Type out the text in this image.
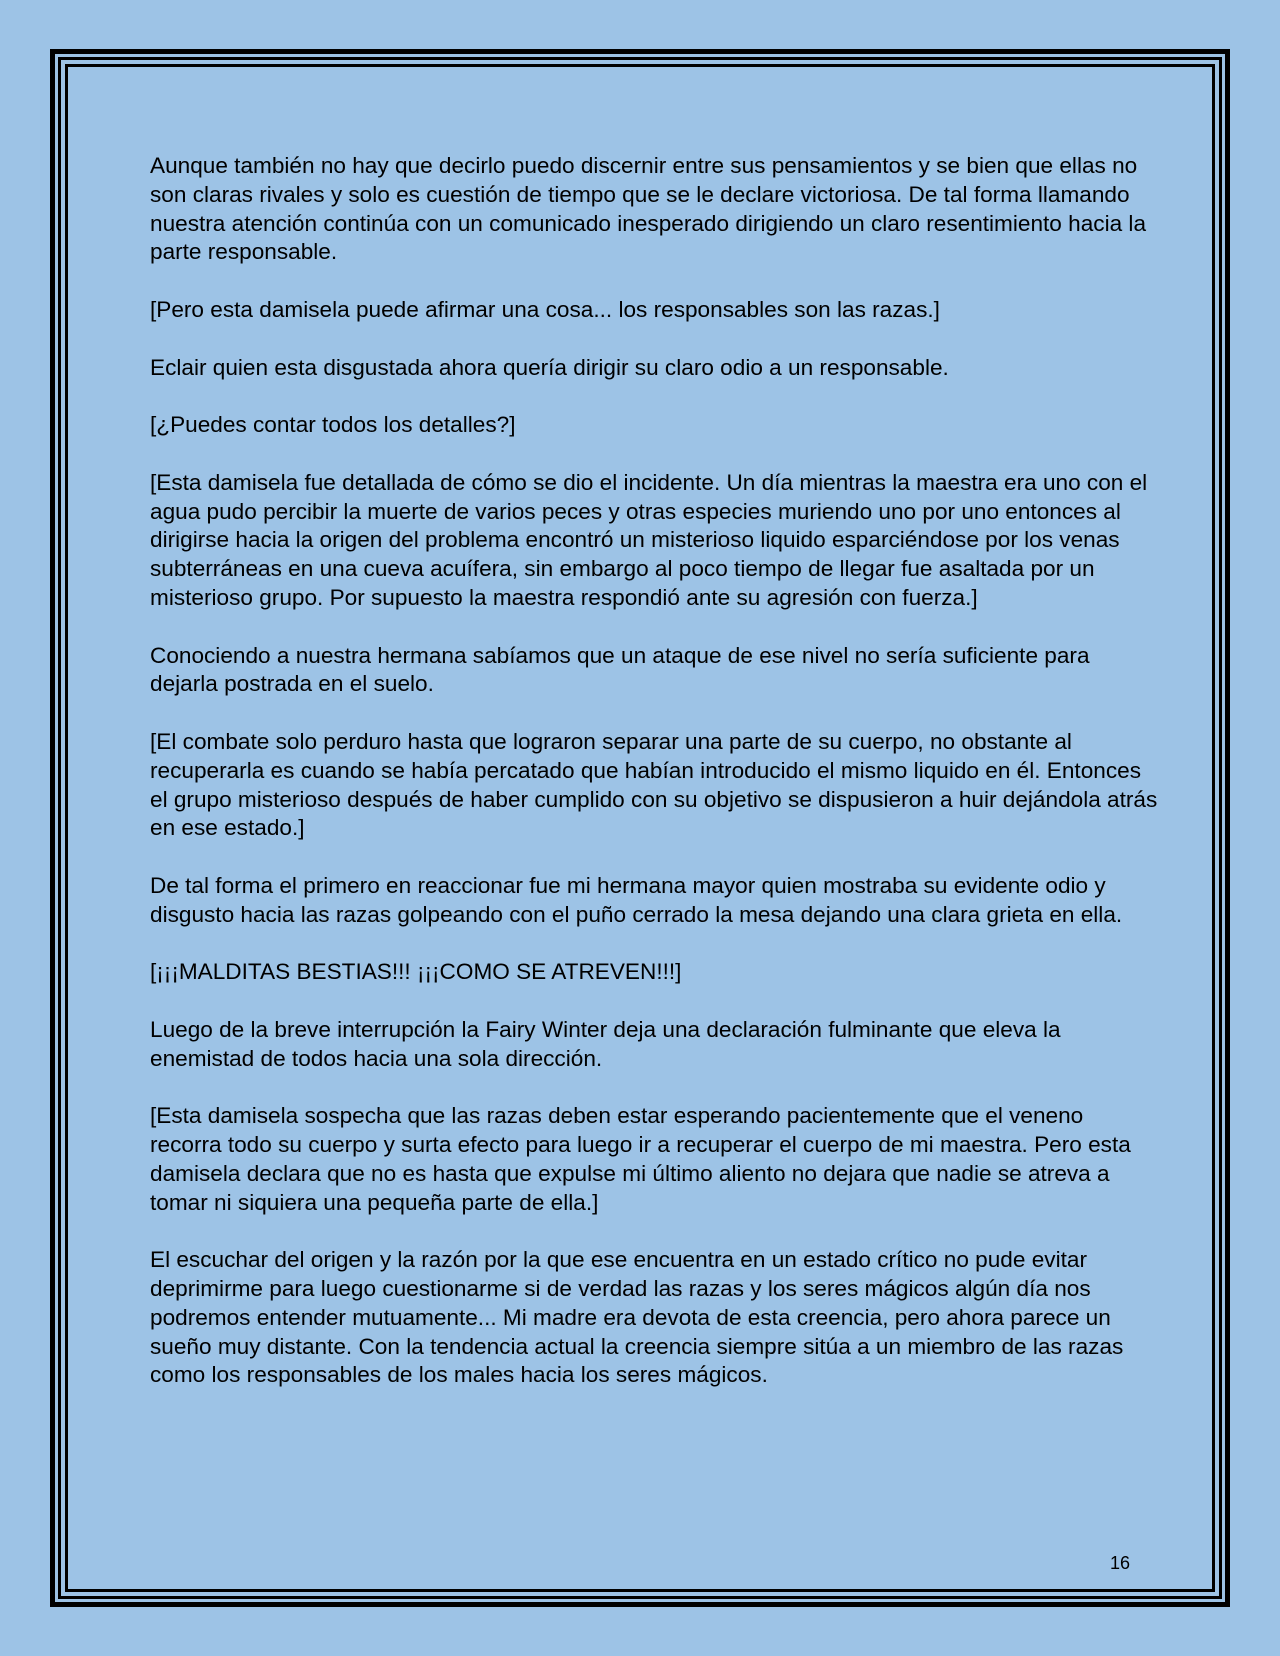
Aunque también no hay que decirlo puedo discernir entre sus pensamientos y se bien que ellas no son claras rivales y solo es cuestión de tiempo que se le declare victoriosa. De tal forma llamando nuestra atención continúa con un comunicado inesperado dirigiendo un claro resentimiento hacia la parte responsable.

[Pero esta damisela puede afirmar una cosa... los responsables son las razas.]

Eclair quien esta disgustada ahora quería dirigir su claro odio a un responsable.

[¿Puedes contar todos los detalles?]

[Esta damisela fue detallada de cómo se dio el incidente. Un día mientras la maestra era uno con el agua pudo percibir la muerte de varios peces y otras especies muriendo uno por uno entonces al dirigirse hacia la origen del problema encontró un misterioso liquido esparciéndose por los venas subterráneas en una cueva acuífera, sin embargo al poco tiempo de llegar fue asaltada por un misterioso grupo. Por supuesto la maestra respondió ante su agresión con fuerza.]

Conociendo a nuestra hermana sabíamos que un ataque de ese nivel no sería suficiente para dejarla postrada en el suelo.

[El combate solo perduro hasta que lograron separar una parte de su cuerpo, no obstante al recuperarla es cuando se había percatado que habían introducido el mismo liquido en él. Entonces el grupo misterioso después de haber cumplido con su objetivo se dispusieron a huir dejándola atrás en ese estado.]

De tal forma el primero en reaccionar fue mi hermana mayor quien mostraba su evidente odio y disgusto hacia las razas golpeando con el puño cerrado la mesa dejando una clara grieta en ella.

[¡¡¡MALDITAS BESTIAS!!! ¡¡¡COMO SE ATREVEN!!!]

Luego de la breve interrupción la Fairy Winter deja una declaración fulminante que eleva la enemistad de todos hacia una sola dirección.

[Esta damisela sospecha que las razas deben estar esperando pacientemente que el veneno recorra todo su cuerpo y surta efecto para luego ir a recuperar el cuerpo de mi maestra. Pero esta damisela declara que no es hasta que expulse mi último aliento no dejara que nadie se atreva a tomar ni siquiera una pequeña parte de ella.]

El escuchar del origen y la razón por la que ese encuentra en un estado crítico no pude evitar deprimirme para luego cuestionarme si de verdad las razas y los seres mágicos algún día nos podremos entender mutuamente... Mi madre era devota de esta creencia, pero ahora parece un sueño muy distante. Con la tendencia actual la creencia siempre sitúa a un miembro de las razas como los responsables de los males hacia los seres mágicos.

16
